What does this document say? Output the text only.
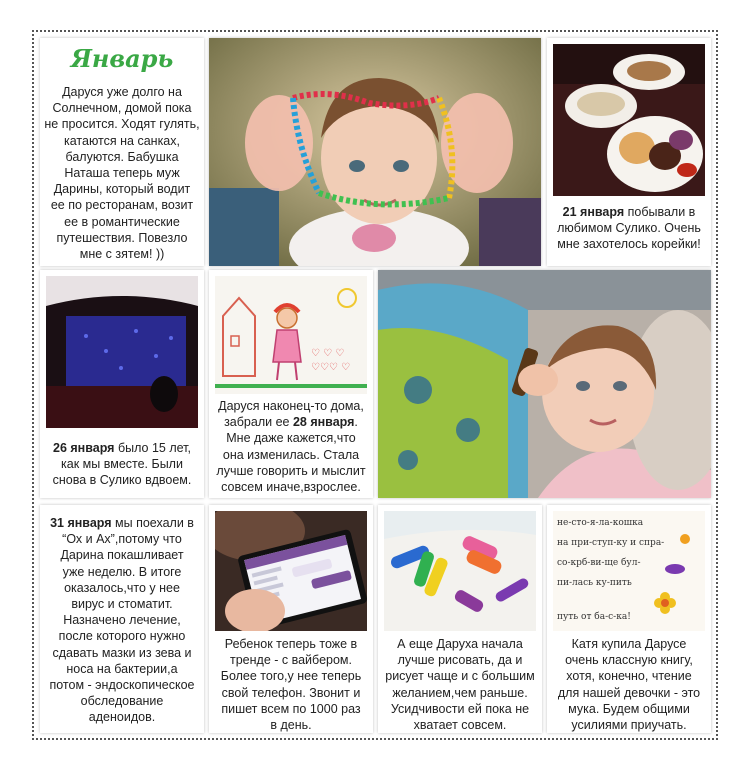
Январь
Даруся уже долго на
Солнечном, домой пока
не просится. Ходят гулять,
катаются на санках,
балуются. Бабушка
Наташа теперь муж
Дарины, который водит
ее по ресторанам, возит
ее в романтические
путешествия. Повезло
мне с зятем! ))
21 января побывали в
любимом Сулико. Очень
мне захотелось корейки!
26 января было 15 лет,
как мы вместе. Были
снова в Сулико вдвоем.
♡ ♡ ♡
♡♡♡ ♡
Даруся наконец-то дома,
забрали ее 28 января.
Мне даже кажется,что
она изменилась. Стала
лучше говорить и мыслит
совсем иначе,взрослее.
31 января мы поехали в
“Ох и Ах”,потому что
Дарина покашливает
уже неделю. В итоге
оказалось,что у нее
вирус и стоматит.
Назначено лечение,
после которого нужно
сдавать мазки из зева и
носа на бактерии,а
потом - эндоскопическое
обследование
аденоидов.
Ребенок теперь тоже в
тренде - с вайбером.
Более того,у нее теперь
свой телефон. Звонит и
пишет всем по 1000 раз
в день.
А еще Даруха начала
лучше рисовать, да и
рисует чаще и с большим
желанием,чем раньше.
Усидчивости ей пока не
хватает совсем.
не-сто-я-ла-кошка
на при-ступ-ку и спра-
со-крб-ви-ще бул-
пи-лась ку-пить
путь от ба-с-ка!
Катя купила Дарусе
очень классную книгу,
хотя, конечно, чтение
для нашей девочки - это
мука. Будем общими
усилиями приучать.
